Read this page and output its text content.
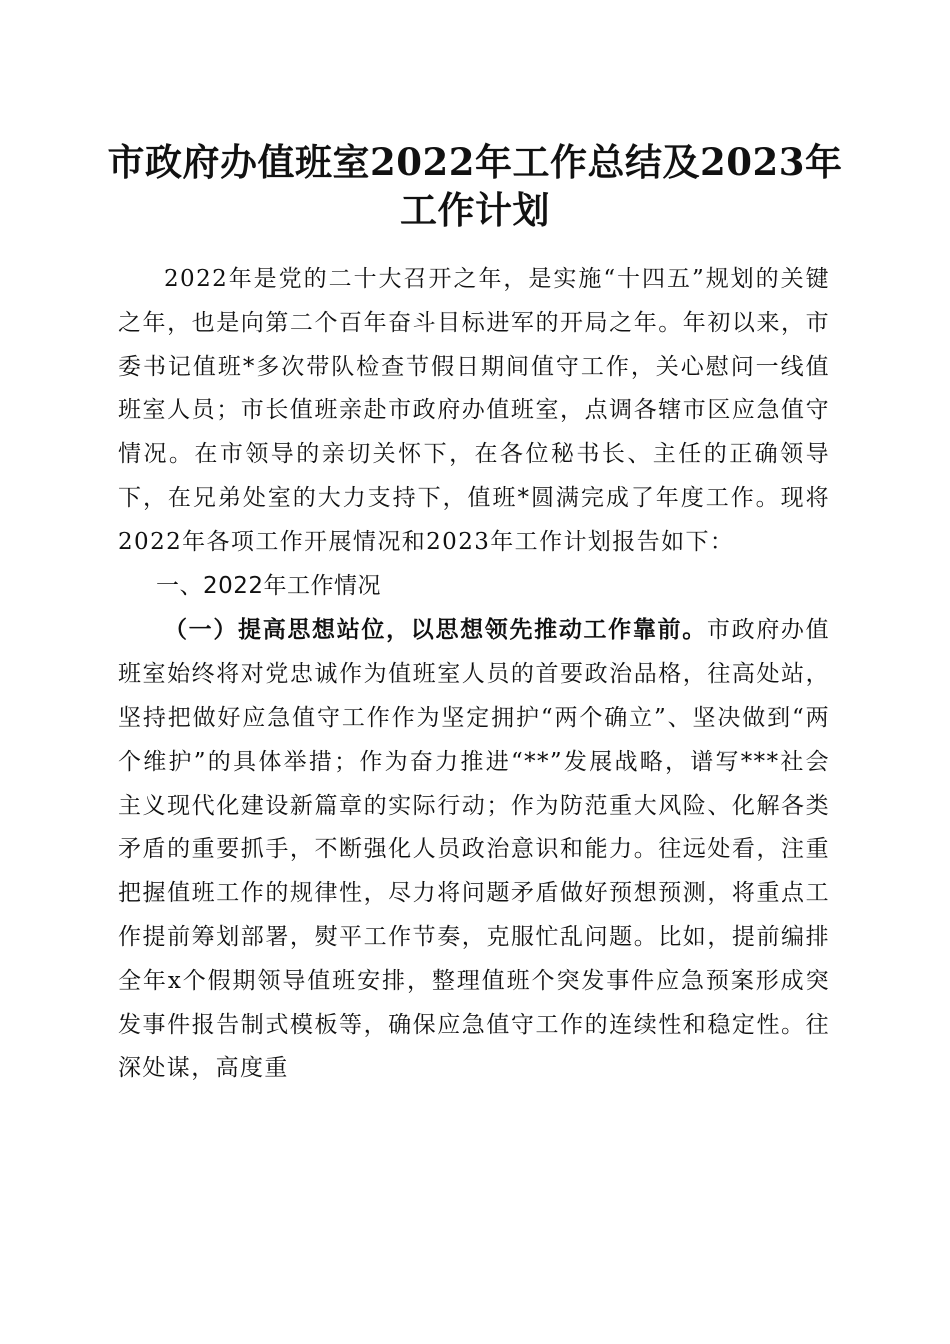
市政府办值班室2022年工作总结及2023年工作计划

2022年是党的二十大召开之年，是实施“十四五”规划的关键之年，也是向第二个百年奋斗目标进军的开局之年。年初以来，市委书记值班*多次带队检查节假日期间值守工作，关心慰问一线值班室人员；市长值班亲赴市政府办值班室，点调各辖市区应急值守情况。在市领导的亲切关怀下，在各位秘书长、主任的正确领导下，在兄弟处室的大力支持下，值班*圆满完成了年度工作。现将2022年各项工作开展情况和2023年工作计划报告如下：

一、2022年工作情况

（一）提高思想站位，以思想领先推动工作靠前。市政府办值班室始终将对党忠诚作为值班室人员的首要政治品格，往高处站，坚持把做好应急值守工作作为坚定拥护“两个确立”、坚决做到“两个维护”的具体举措；作为奋力推进“**”发展战略，谱写***社会主义现代化建设新篇章的实际行动；作为防范重大风险、化解各类矛盾的重要抓手，不断强化人员政治意识和能力。往远处看，注重把握值班工作的规律性，尽力将问题矛盾做好预想预测，将重点工作提前筹划部署，熨平工作节奏，克服忙乱问题。比如，提前编排全年x个假期领导值班安排，整理值班个突发事件应急预案形成突发事件报告制式模板等，确保应急值守工作的连续性和稳定性。往深处谋，高度重
